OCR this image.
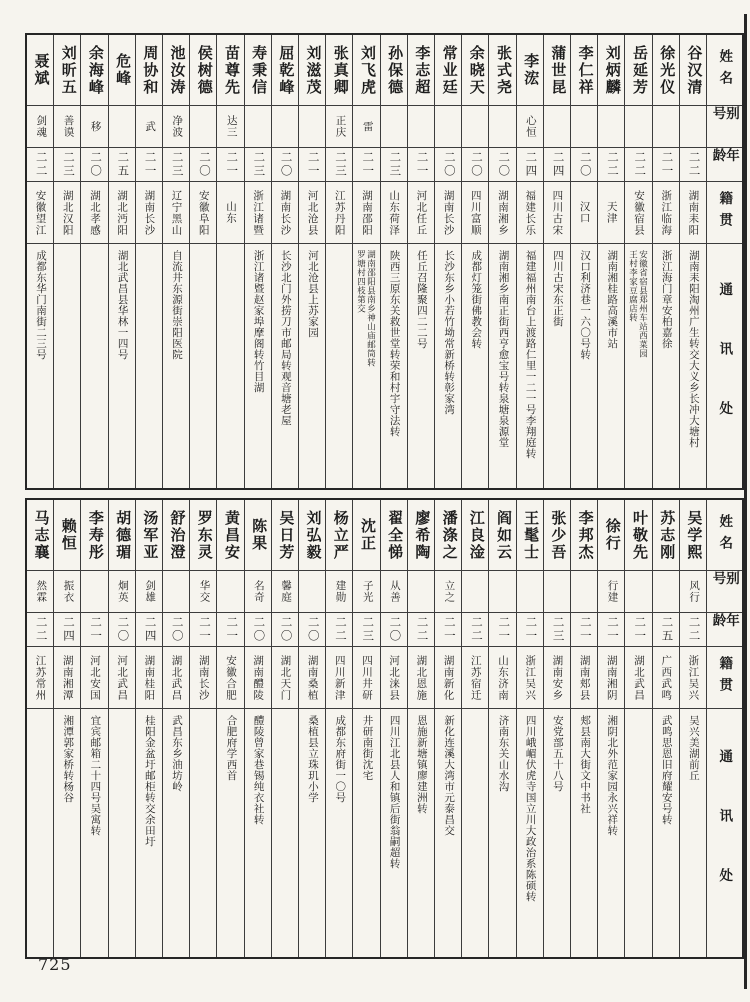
姓名
别号
年龄
籍贯
通讯处
谷汉清
二二
湖南耒阳
湖南耒阳淘州广生转交大义乡长冲大塘村
徐光仪
二一
浙江临海
浙江海门章安柏嘉徐
岳延芳
二二
安徽宿县
安徽省宿县郑州车站西菜园
王村李家豆腐店转
刘炳麟
二二
天津
湖南湘桂路高溪市站
李仁祥
二〇
汉口
汉口利济巷一六〇号转
蒲世昆
二四
四川古宋
四川古宋东正街
李浤
心恒
二四
福建长乐
福建福州南台上渡路仁里一二一号李翔庭转
张式尧
二〇
湖南湘乡
湖南湘乡南正街西亨愈宝号转泉塘泉源堂
余晓天
二〇
四川富顺
成都灯笼街佛教会转
常业廷
二〇
湖南长沙
长沙东乡小若竹坳常新桥转彰家湾
李志超
二一
河北任丘
任丘召隆聚四二二号
孙保德
二三
山东荷泽
陕西三原东关救世堂转荣和村宇守法转
刘飞虎
雷
二一
湖南邵阳
湖南邵阳县南乡神山庙邮筒转
罗塘村四枝第交
张真卿
正庆
二三
江苏丹阳
刘滋茂
二一
河北沧县
河北沧县上苏家园
屈乾峰
二〇
湖南长沙
长沙北门外捞刀市邮局转观音塘老屋
寿秉信
二三
浙江诸暨
浙江诸暨赵家埠摩阁转竹目湖
苗尊先
达三
二一
山东
侯树德
二〇
安徽阜阳
池汝涛
净波
二三
辽宁黑山
自流井东源街崇阳医院
周协和
武
二一
湖南长沙
危峰
二五
湖北沔阳
湖北武昌县华林一四号
余海峰
移
二〇
湖北孝感
刘昕五
善谟
二三
湖北汉阳
聂斌
剑魂
二二
安徽望江
成都东华门南街二三号
姓名
别号
年龄
籍贯
通讯处
吴学熙
风行
二二
浙江吴兴
吴兴美湖前丘
苏志刚
二五
广西武鸣
武鸣思恩旧府耀安号转
叶敬先
二一
湖北武昌
徐行
行建
二一
湖南湘阴
湘阴北外范家园永兴祥转
李邦杰
二一
湖南郏县
郏县南大街文中书社
张少吾
二三
湖南安乡
安党部五十八号
王髦士
二一
浙江吴兴
四川峨嵋伏虎寺国立川大政治系陈硕转
阎如云
二一
山东济南
济南东关山水沟
江良淦
二二
江苏宿迁
潘涤之
立之
二一
湖南新化
新化连溪大湾市元泰昌交
廖希陶
二二
湖北恩施
恩施新塘镇廖建洲转
翟全悌
从善
二〇
河北涞县
四川江北县人和镇后街翁嗣超转
沈正
子光
二三
四川井研
井研南街沈宅
杨立严
建勋
二二
四川新津
成都东府街一〇号
刘弘毅
二〇
湖南桑植
桑植县立珠玑小学
吴日芳
馨庭
二〇
湖北天门
陈果
名奇
二〇
湖南醴陵
醴陵曾家巷锡纯衣社转
黄昌安
二一
安徽合肥
合肥府学西首
罗东灵
华交
二一
湖南长沙
舒治澄
二〇
湖北武昌
武昌东乡油坊岭
汤军亚
剑雄
二四
湖南桂阳
桂阳金盆圩邮柜转交余田圩
胡德瑂
炯英
二〇
河北武昌
李寿彤
二一
河北安国
宜宾邮箱二十四号吴寓转
赖恒
振衣
二四
湖南湘潭
湘潭郭家桥转杨谷
马志襄
然霖
二二
江苏常州
725
